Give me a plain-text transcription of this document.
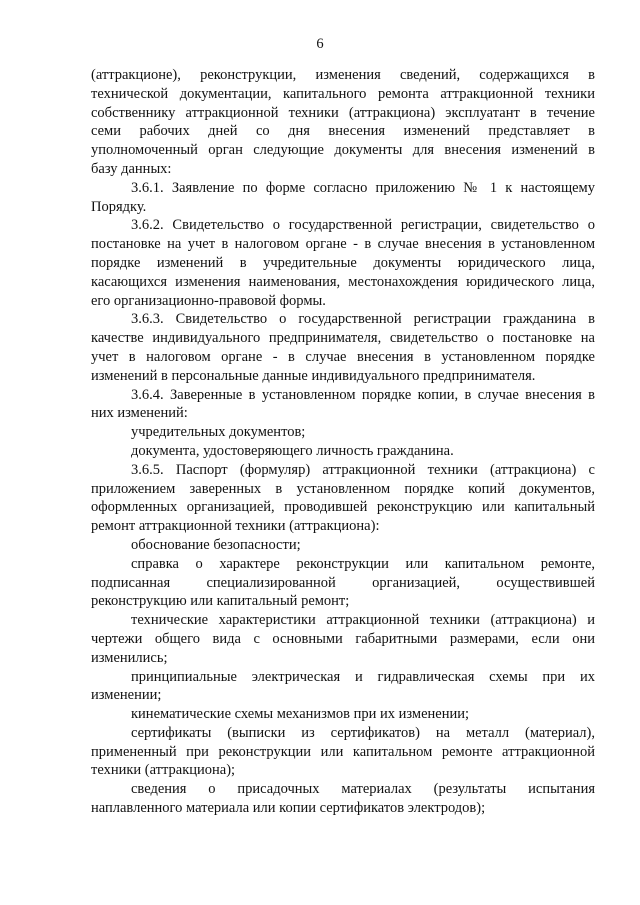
6
(аттракционе), реконструкции, изменения сведений, содержащихся в
технической документации, капитального ремонта аттракционной техники
собственнику аттракционной техники (аттракциона) эксплуатант в течение
семи рабочих дней со дня внесения изменений представляет в
уполномоченный орган следующие документы для внесения изменений в
базу данных:
3.6.1. Заявление по форме согласно приложению № 1 к настоящему
Порядку.
3.6.2. Свидетельство о государственной регистрации, свидетельство о
постановке на учет в налоговом органе - в случае внесения в установленном
порядке изменений в учредительные документы юридического лица,
касающихся изменения наименования, местонахождения юридического лица,
его организационно-правовой формы.
3.6.3. Свидетельство о государственной регистрации гражданина в
качестве индивидуального предпринимателя, свидетельство о постановке на
учет в налоговом органе - в случае внесения в установленном порядке
изменений в персональные данные индивидуального предпринимателя.
3.6.4. Заверенные в установленном порядке копии, в случае внесения в
них изменений:
учредительных документов;
документа, удостоверяющего личность гражданина.
3.6.5. Паспорт (формуляр) аттракционной техники (аттракциона) с
приложением заверенных в установленном порядке копий документов,
оформленных организацией, проводившей реконструкцию или капитальный
ремонт аттракционной техники (аттракциона):
обоснование безопасности;
справка о характере реконструкции или капитальном ремонте,
подписанная специализированной организацией, осуществившей
реконструкцию или капитальный ремонт;
технические характеристики аттракционной техники (аттракциона) и
чертежи общего вида с основными габаритными размерами, если они
изменились;
принципиальные электрическая и гидравлическая схемы при их
изменении;
кинематические схемы механизмов при их изменении;
сертификаты (выписки из сертификатов) на металл (материал),
примененный при реконструкции или капитальном ремонте аттракционной
техники (аттракциона);
сведения о присадочных материалах (результаты испытания
наплавленного материала или копии сертификатов электродов);
